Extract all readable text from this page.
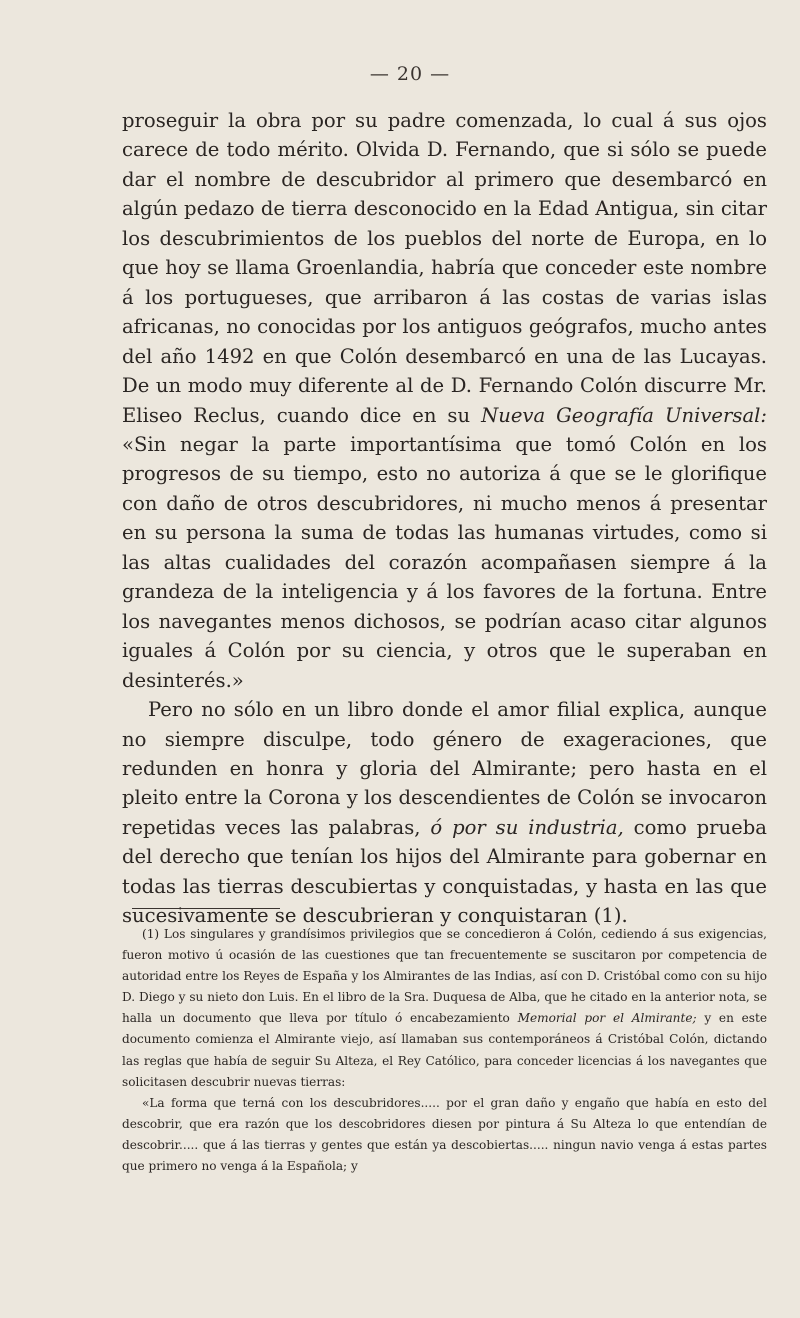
— 20 —

proseguir la obra por su padre comenzada, lo cual á sus ojos carece de todo mérito. Olvida D. Fernando, que si sólo se puede dar el nombre de descubridor al primero que desembarcó en algún pedazo de tierra desconocido en la Edad Antigua, sin citar los descubrimientos de los pueblos del norte de Europa, en lo que hoy se llama Groenlandia, habría que conceder este nombre á los portugueses, que arribaron á las costas de varias islas africanas, no conocidas por los antiguos geógrafos, mucho antes del año 1492 en que Colón desembarcó en una de las Lucayas. De un modo muy diferente al de D. Fernando Colón discurre Mr. Eliseo Reclus, cuando dice en su Nueva Geografía Universal: «Sin negar la parte importantísima que tomó Colón en los progresos de su tiempo, esto no autoriza á que se le glorifique con daño de otros descubridores, ni mucho menos á presentar en su persona la suma de todas las humanas virtudes, como si las altas cualidades del corazón acompañasen siempre á la grandeza de la inteligencia y á los favores de la fortuna. Entre los navegantes menos dichosos, se podrían acaso citar algunos iguales á Colón por su ciencia, y otros que le superaban en desinterés.»

Pero no sólo en un libro donde el amor filial explica, aunque no siempre disculpe, todo género de exageraciones, que redunden en honra y gloria del Almirante; pero hasta en el pleito entre la Corona y los descendientes de Colón se invocaron repetidas veces las palabras, ó por su industria, como prueba del derecho que tenían los hijos del Almirante para gobernar en todas las tierras descubiertas y conquistadas, y hasta en las que sucesivamente se descubrieran y conquistaran (1).

(1) Los singulares y grandísimos privilegios que se concedieron á Colón, cediendo á sus exigencias, fueron motivo ú ocasión de las cuestiones que tan frecuentemente se suscitaron por competencia de autoridad entre los Reyes de España y los Almirantes de las Indias, así con D. Cristóbal como con su hijo D. Diego y su nieto don Luis. En el libro de la Sra. Duquesa de Alba, que he citado en la anterior nota, se halla un documento que lleva por título ó encabezamiento Memorial por el Almirante; y en este documento comienza el Almirante viejo, así llamaban sus contemporáneos á Cristóbal Colón, dictando las reglas que había de seguir Su Alteza, el Rey Católico, para conceder licencias á los navegantes que solicitasen descubrir nuevas tierras:

«La forma que terná con los descubridores..... por el gran daño y engaño que había en esto del descobrir, que era razón que los descobridores diesen por pintura á Su Alteza lo que entendían de descobrir..... que á las tierras y gentes que están ya descobiertas..... ningun navio venga á estas partes que primero no venga á la Española; y
